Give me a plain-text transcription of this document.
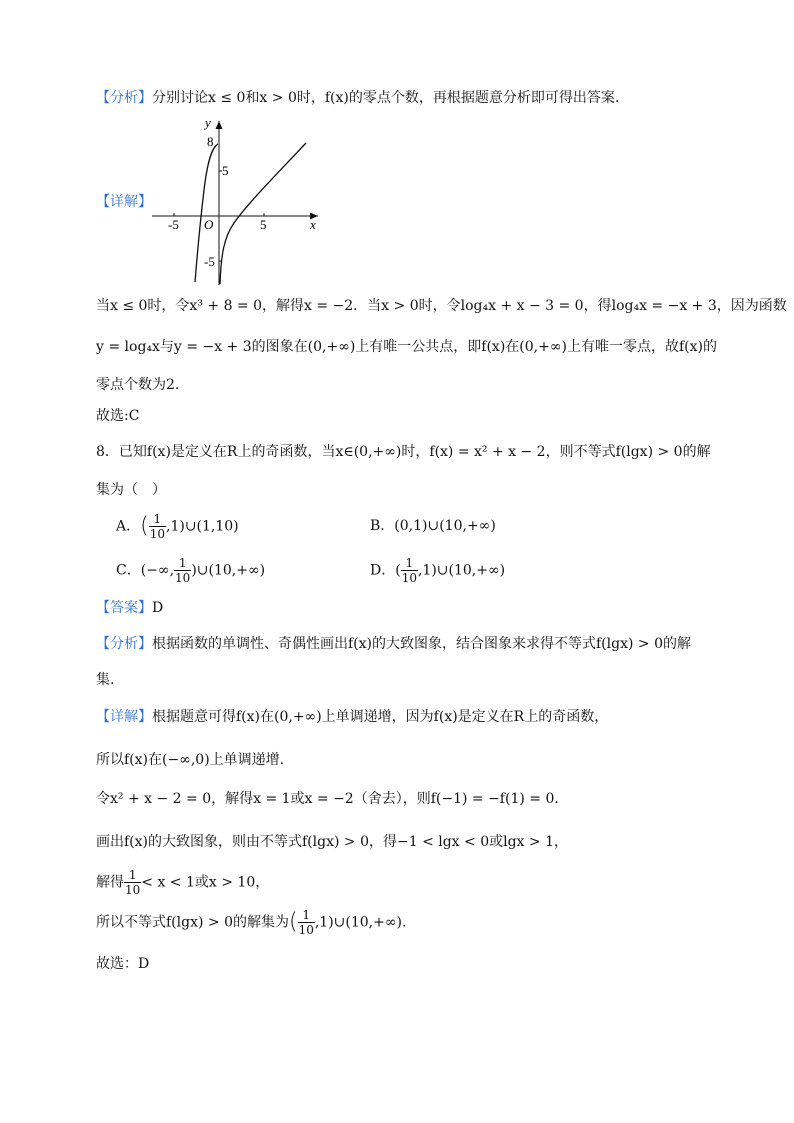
【分析】分别讨论x ≤ 0和x > 0时，f(x)的零点个数，再根据题意分析即可得出答案.
【详解】
y
x
O
8
5
-5
-5	5
当x ≤ 0时，令x³ + 8 = 0，解得x = −2．当x > 0时，令log₄x + x − 3 = 0，得log₄x = −x + 3，因为函数
y = log₄x与y = −x + 3的图象在(0,+∞)上有唯一公共点，即f(x)在(0,+∞)上有唯一零点，故f(x)的
零点个数为2.
故选:C
8．已知f(x)是定义在R上的奇函数，当x∈(0,+∞)时，f(x) = x² + x − 2，则不等式f(lgx) > 0的解
集为（　）
A．( $\frac{1}{10}$ ,1)∪(1,10)	B．(0,1)∪(10,+∞)
C．(−∞, $\frac{1}{10}$ )∪(10,+∞)	D．( $\frac{1}{10}$ ,1)∪(10,+∞)
【答案】D
【分析】根据函数的单调性、奇偶性画出f(x)的大致图象，结合图象来求得不等式f(lgx) > 0的解
集.
【详解】根据题意可得f(x)在(0,+∞)上单调递增，因为f(x)是定义在R上的奇函数，
所以f(x)在(−∞,0)上单调递增.
令x² + x − 2 = 0，解得x = 1或x = −2（舍去），则f(−1) = −f(1) = 0．
画出f(x)的大致图象，则由不等式f(lgx) > 0，得−1 < lgx < 0或lgx > 1，
解得 $\frac{1}{10} < x < 1$或x > 10，
所以不等式f(lgx) > 0的解集为( $\frac{1}{10}$ ,1)∪(10,+∞).
故选：D
